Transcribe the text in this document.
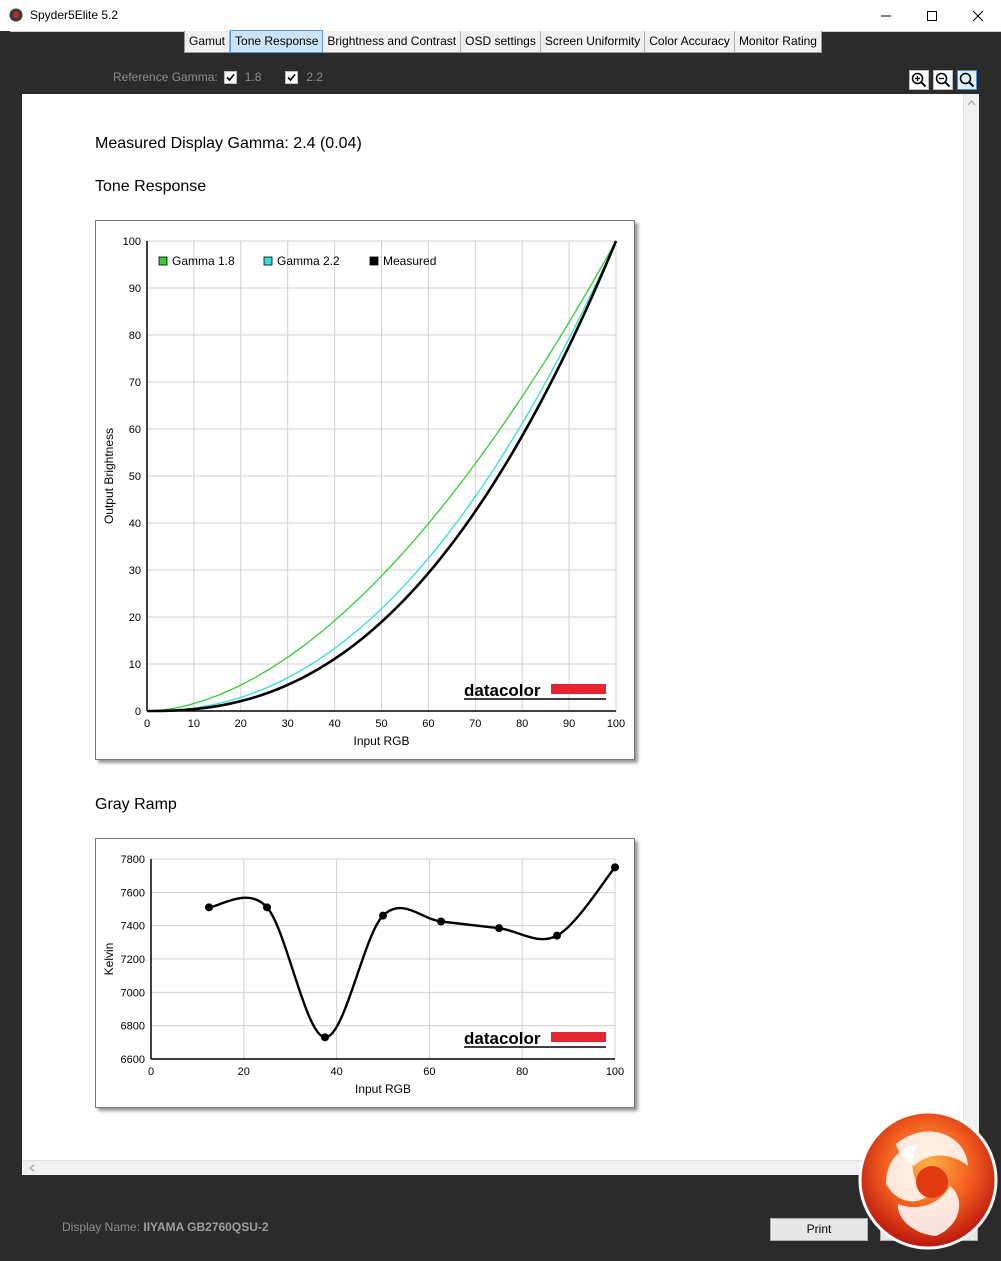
Spyder5Elite 5.2
Gamut Tone Response Brightness and Contrast OSD settings Screen Uniformity Color Accuracy Monitor Rating
Reference Gamma: 1.8	2.2
Measured Display Gamma: 2.4 (0.04)
Tone Response
0	10	20	30	40	50	60	70	80	90	100
0
10
20
30
40
50
60
70
80
90
100
Input RGB
Output Brightness
Gamma 1.8	Gamma 2.2	Measured
datacolor
Gray Ramp
0	20	40	60	80	100
6600
6800
7000
7200
7400
7600
7800
Input RGB
Kelvin
datacolor
Display Name: IIYAMA GB2760QSU-2	Print
